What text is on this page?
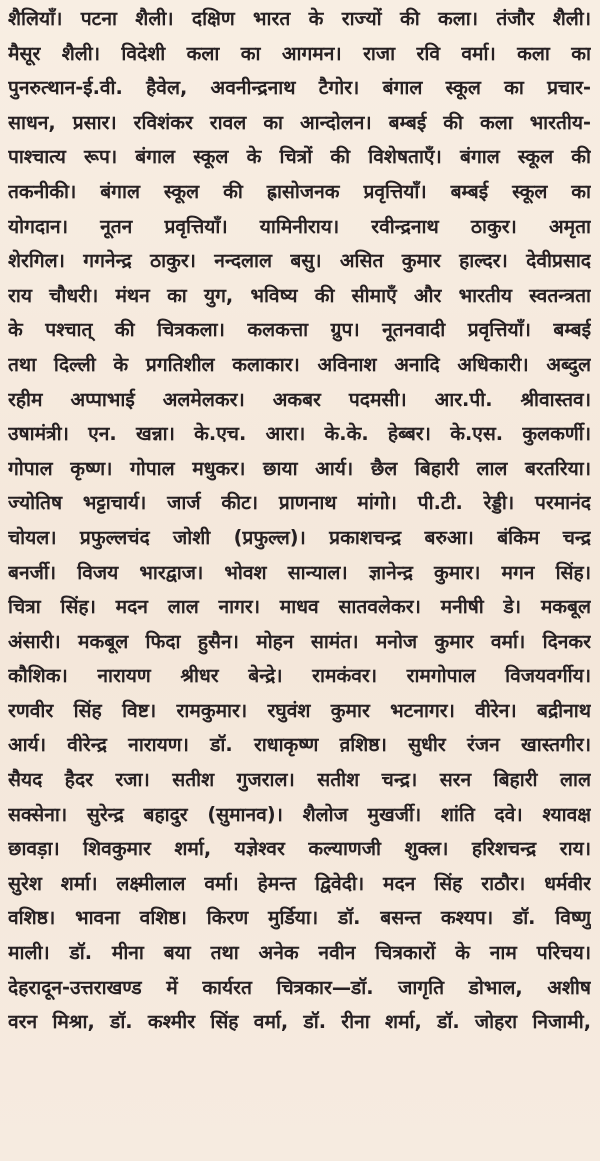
शैलियाँ। पटना शैली। दक्षिण भारत के राज्यों की कला। तंजौर शैली।
मैसूर शैली। विदेशी कला का आगमन। राजा रवि वर्मा। कला का
पुनरुत्थान-ई.वी. हैवेल, अवनीन्द्रनाथ टैगोर। बंगाल स्कूल का प्रचार-
साधन, प्रसार। रविशंकर रावल का आन्दोलन। बम्बई की कला भारतीय-
पाश्चात्य रूप। बंगाल स्कूल के चित्रों की विशेषताएँ। बंगाल स्कूल की
तकनीकी। बंगाल स्कूल की ह्रासोजनक प्रवृत्तियाँ। बम्बई स्कूल का
योगदान। नूतन प्रवृत्तियाँ। यामिनीराय। रवीन्द्रनाथ ठाकुर। अमृता
शेरगिल। गगनेन्द्र ठाकुर। नन्दलाल बसु। असित कुमार हाल्दर। देवीप्रसाद
राय चौधरी। मंथन का युग, भविष्य की सीमाएँ और भारतीय स्वतन्त्रता
के पश्चात् की चित्रकला। कलकत्ता ग्रुप। नूतनवादी प्रवृत्तियाँ। बम्बई
तथा दिल्ली के प्रगतिशील कलाकार। अविनाश अनादि अधिकारी। अब्दुल
रहीम अप्पाभाई अलमेलकर। अकबर पदमसी। आर.पी. श्रीवास्तव।
उषामंत्री। एन. खन्ना। के.एच. आरा। के.के. हेब्बर। के.एस. कुलकर्णी।
गोपाल कृष्ण। गोपाल मधुकर। छाया आर्य। छैल बिहारी लाल बरतरिया।
ज्योतिष भट्टाचार्य। जार्ज कीट। प्राणनाथ मांगो। पी.टी. रेड्डी। परमानंद
चोयल। प्रफुल्लचंद जोशी (प्रफुल्ल)। प्रकाशचन्द्र बरुआ। बंकिम चन्द्र
बनर्जी। विजय भारद्वाज। भोवश सान्याल। ज्ञानेन्द्र कुमार। मगन सिंह।
चित्रा सिंह। मदन लाल नागर। माधव सातवलेकर। मनीषी डे। मकबूल
अंसारी। मकबूल फिदा हुसैन। मोहन सामंत। मनोज कुमार वर्मा। दिनकर
कौशिक। नारायण श्रीधर बेन्द्रे। रामकंवर। रामगोपाल विजयवर्गीय।
रणवीर सिंह विष्ट। रामकुमार। रघुवंश कुमार भटनागर। वीरेन। बद्रीनाथ
आर्य। वीरेन्द्र नारायण। डॉ. राधाकृष्ण व़शिष्ठ। सुधीर रंजन खास्तगीर।
सैयद हैदर रजा। सतीश गुजराल। सतीश चन्द्र। सरन बिहारी लाल
सक्सेना। सुरेन्द्र बहादुर (सुमानव)। शैलोज मुखर्जी। शांति दवे। श्यावक्ष
छावड़ा। शिवकुमार शर्मा, यज्ञेश्वर कल्याणजी शुक्ल। हरिशचन्द्र राय।
सुरेश शर्मा। लक्ष्मीलाल वर्मा। हेमन्त द्विवेदी। मदन सिंह राठौर। धर्मवीर
वशिष्ठ। भावना वशिष्ठ। किरण मुर्डिया। डॉ. बसन्त कश्यप। डॉ. विष्णु
माली। डॉ. मीना बया तथा अनेक नवीन चित्रकारों के नाम परिचय।
देहरादून-उत्तराखण्ड में कार्यरत चित्रकार—डॉ. जागृति डोभाल, अशीष
वरन मिश्रा, डॉ. कश्मीर सिंह वर्मा, डॉ. रीना शर्मा, डॉ. जोहरा निजामी,
